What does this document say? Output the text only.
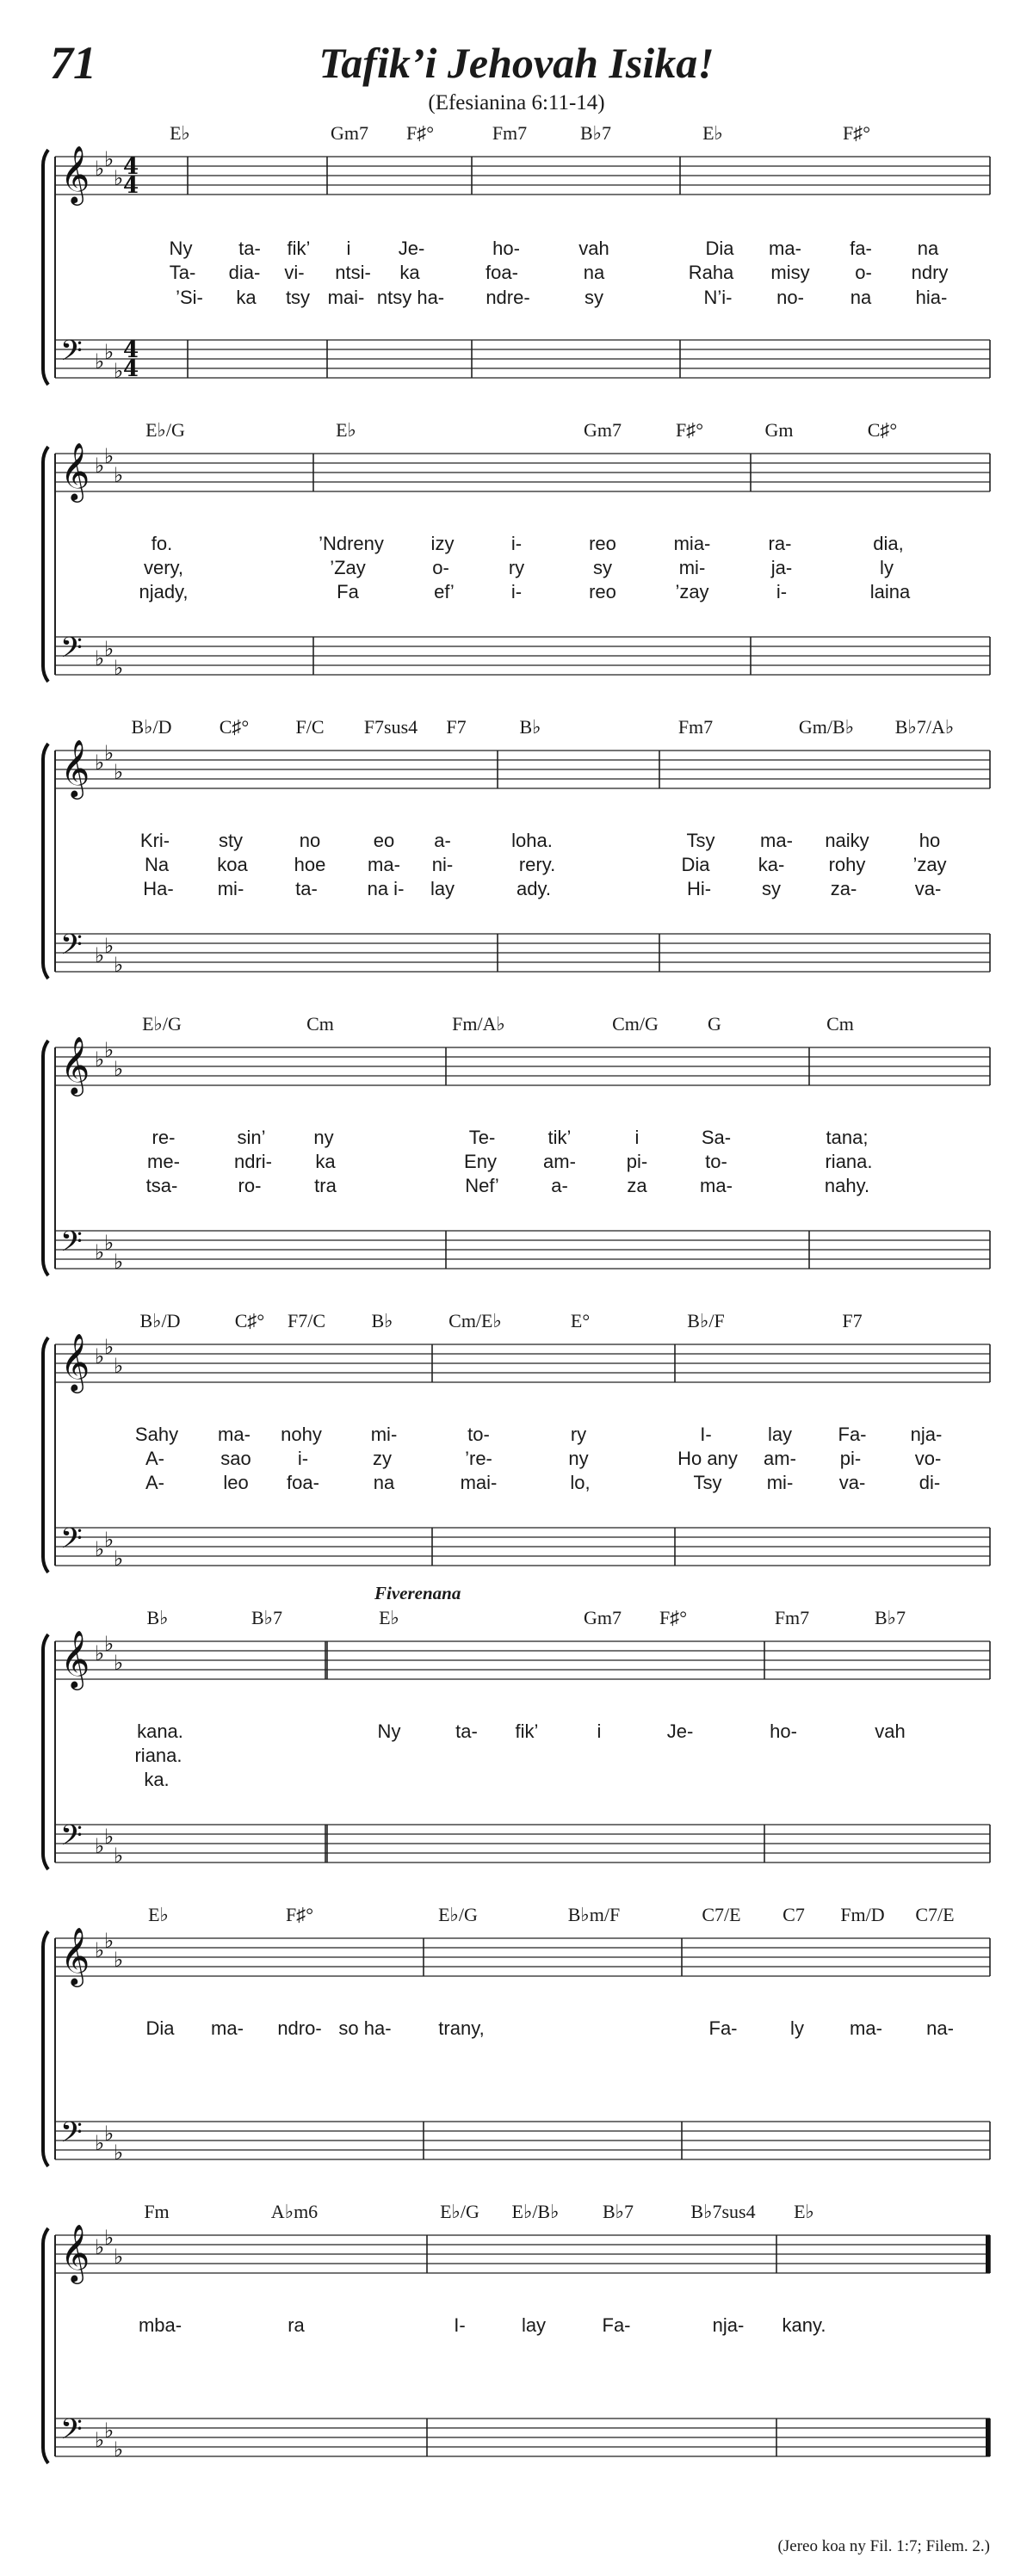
71	Tafik’i Jehovah Isika!
(Efesianina 6:11-14)
𝄞 ♭ ♭
♭ 4
4
𝄢 ♭ ♭
♭
4
4
E♭	Gm7 F♯°	Fm7	B♭7	E♭	F♯°
Ny ta- fik’ i	Je-	ho-	vah	Dia ma-	fa- na
Ta- dia- vi- ntsi- ka	foa-	na	Raha misy o- ndry
’Si- ka tsy mai- ntsy ha- ndre-	sy	N’i- no- na hia-
𝄞 ♭ ♭
♭
𝄢 ♭ ♭
♭
E♭/G	E♭	Gm7	F♯°	Gm	C♯°
fo.	’Ndreny izy	i-	reo	mia-	ra-	dia,
very,	’Zay	o-	ry	sy	mi-	ja-	ly
njady,	Fa	ef’	i-	reo	’zay	i-	laina
𝄞 ♭ ♭
♭
𝄢 ♭ ♭
♭
B♭/D	C♯° F/C F7sus4 F7	B♭	Fm7	Gm/B♭ B♭7/A♭
Kri-	sty	no	eo a-	loha.	Tsy ma- naiky	ho
Na	koa hoe ma- ni-	rery.	Dia	ka- rohy	’zay
Ha- mi-	ta-	na i- lay	ady.	Hi-	sy	za-	va-
𝄞 ♭ ♭
♭
𝄢 ♭ ♭
♭
E♭/G	Cm	Fm/A♭	Cm/G	G	Cm
re-	sin’	ny	Te-	tik’	i	Sa-	tana;
me-	ndri- ka	Eny am-	pi-	to-	riana.
tsa-	ro-	tra	Nef’	a-	za	ma-	nahy.
𝄞 ♭ ♭
♭
𝄢 ♭ ♭
♭
B♭/D	C♯° F7/C B♭	Cm/E♭	E°	B♭/F	F7
Sahy ma- nohy	mi-	to-	ry	I-	lay Fa- nja-
A-	sao i-	zy	’re-	ny	Ho any am- pi-	vo-
A-	leo foa-	na	mai-	lo,	Tsy mi- va-	di-
𝄞 ♭ ♭
♭
𝄢 ♭ ♭
♭
Fiverenana
B♭	B♭7	E♭	Gm7 F♯°	Fm7	B♭7
kana.	Ny	ta- fik’	i	Je-	ho-	vah
riana.
ka.
𝄞 ♭ ♭
♭
𝄢 ♭ ♭
♭
E♭	F♯°	E♭/G	B♭m/F	C7/E C7 Fm/D C7/E
Dia ma- ndro- so ha- trany,	Fa-	ly ma- na-
𝄞 ♭ ♭
♭
𝄢 ♭ ♭
♭
Fm	A♭m6	E♭/G E♭/B♭ B♭7	B♭7sus4 E♭
mba-	ra	I-	lay	Fa-	nja- kany.
(Jereo koa ny Fil. 1:7; Filem. 2.)
